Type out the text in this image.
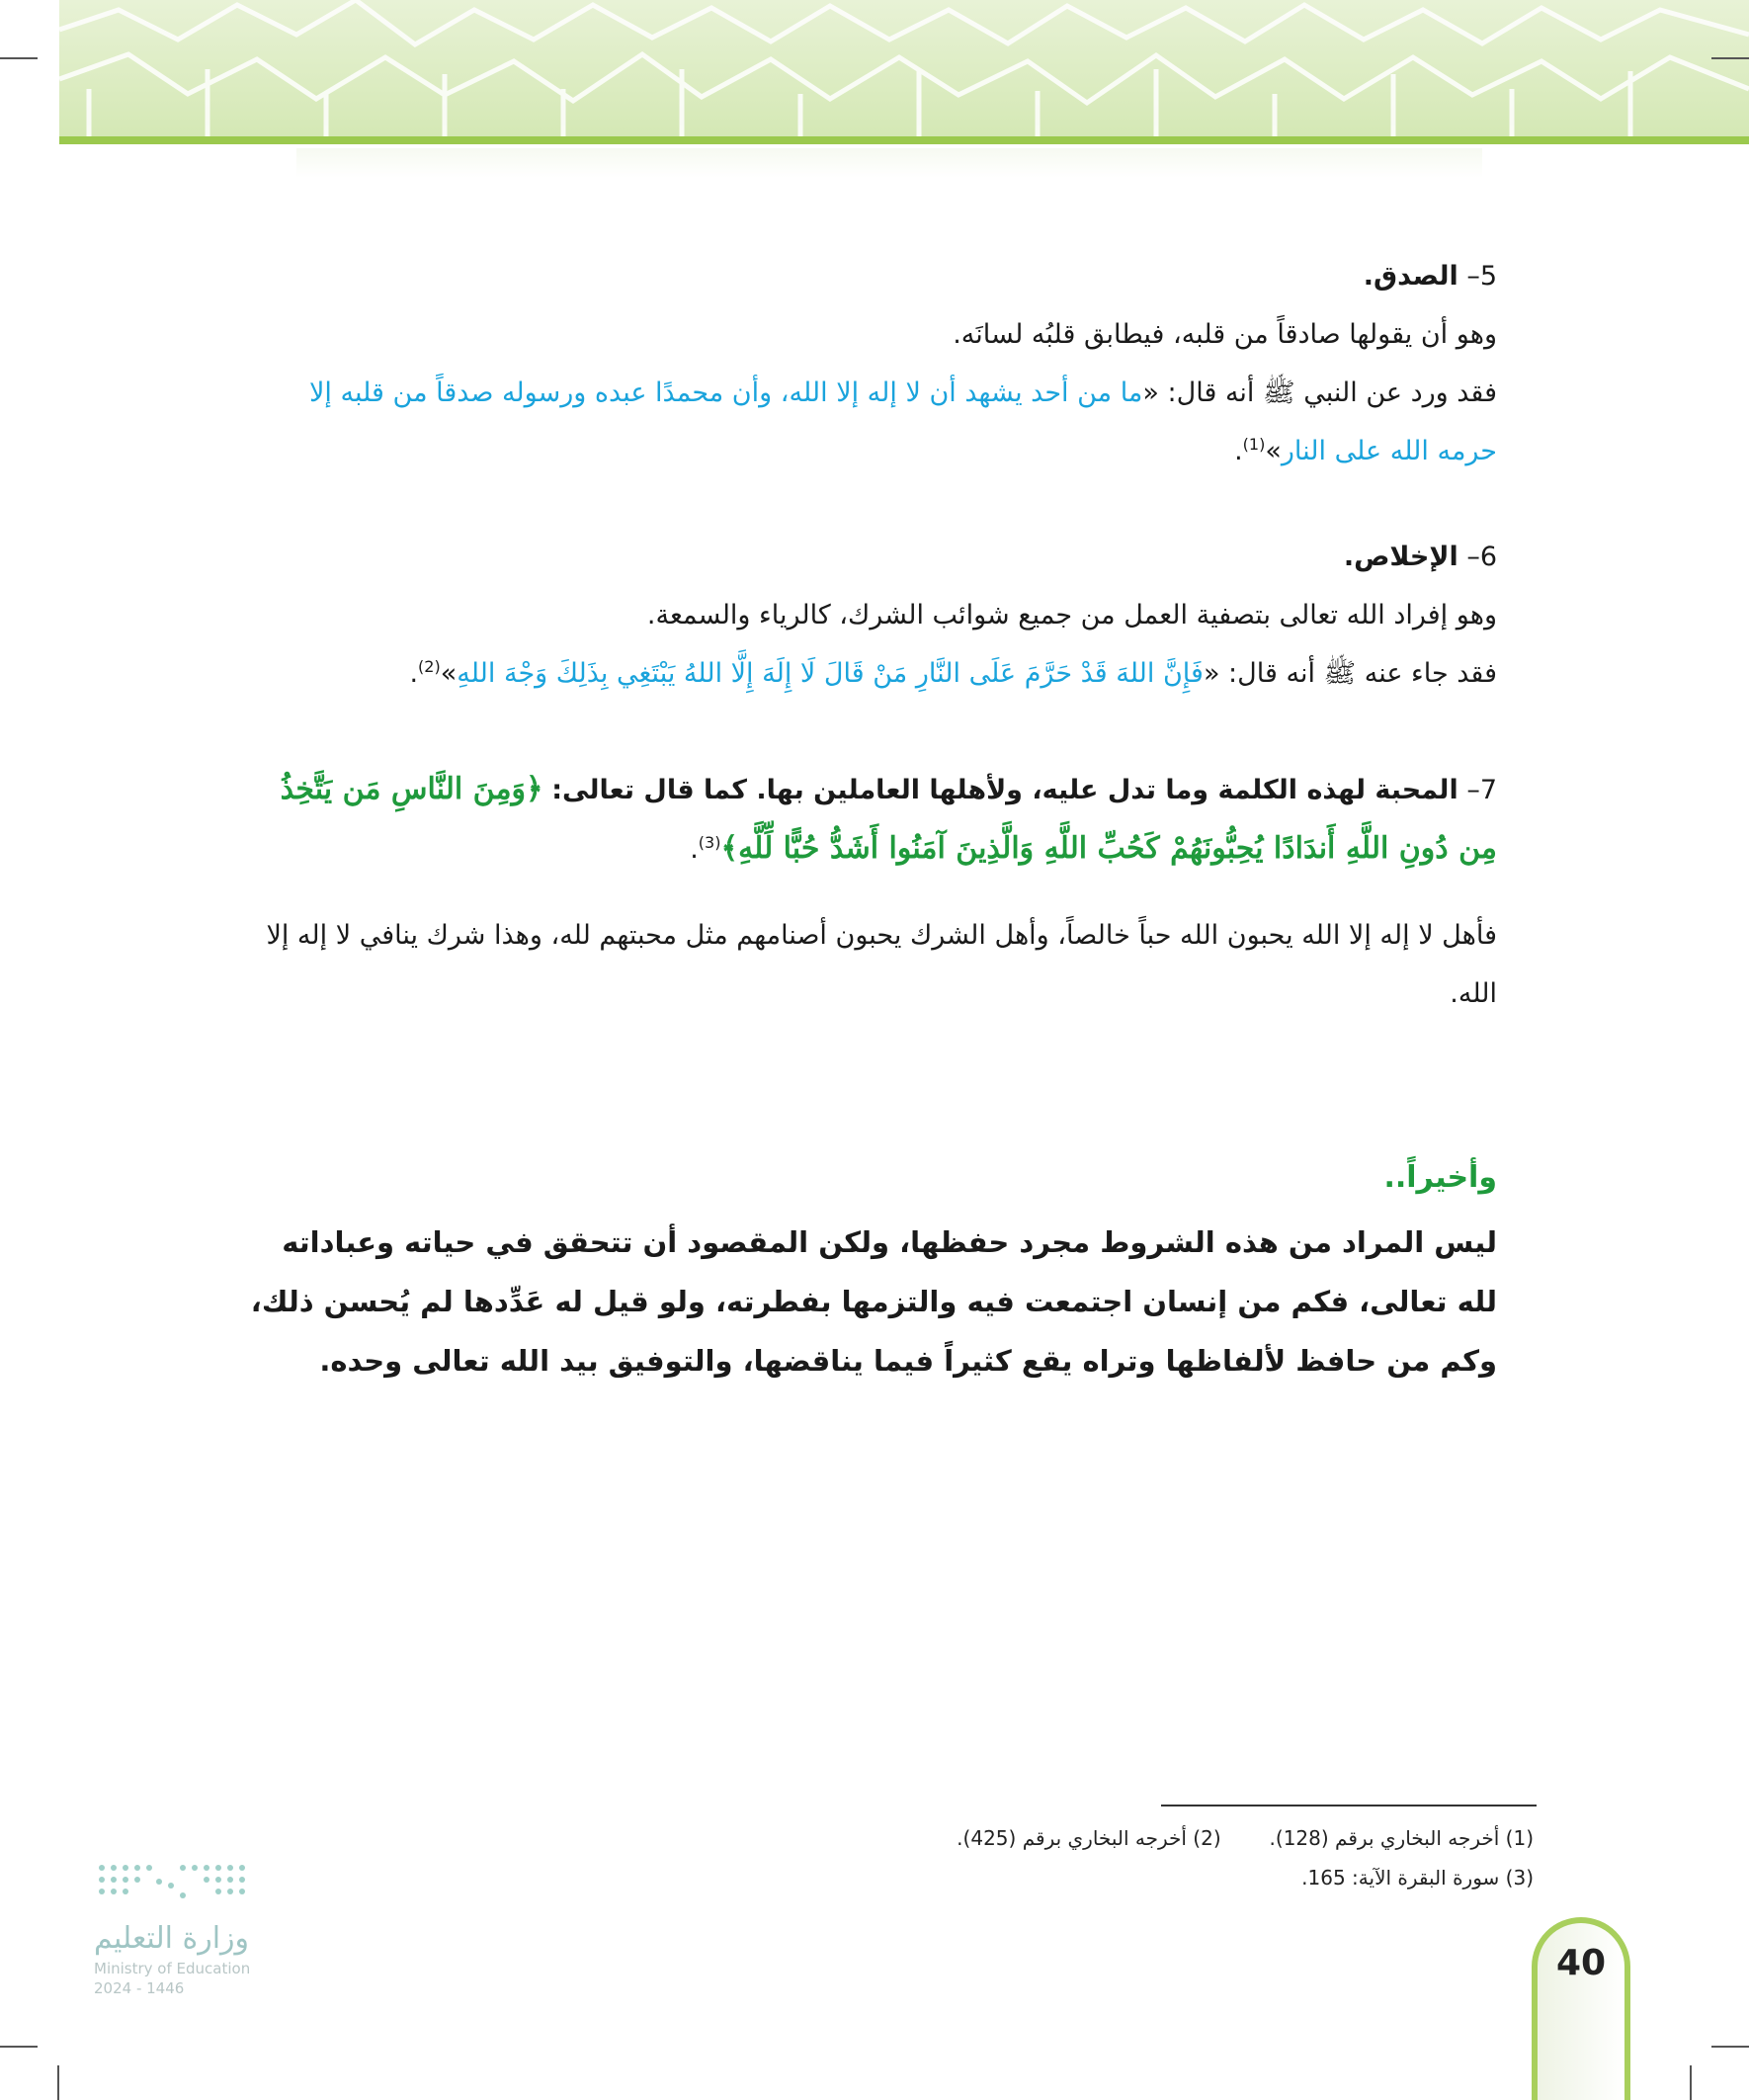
5– الصدق.

وهو أن يقولها صادقاً من قلبه، فيطابق قلبُه لسانَه.

فقد ورد عن النبي ﷺ أنه قال: «ما من أحد يشهد أن لا إله إلا الله، وأن محمدًا عبده ورسوله صدقاً من قلبه إلا حرمه الله على النار»$^{(1)}$.

6– الإخلاص.

وهو إفراد الله تعالى بتصفية العمل من جميع شوائب الشرك، كالرياء والسمعة.

فقد جاء عنه ﷺ أنه قال: «فَإِنَّ اللهَ قَدْ حَرَّمَ عَلَى النَّارِ مَنْ قَالَ لَا إِلَهَ إِلَّا اللهُ يَبْتَغِي بِذَلِكَ وَجْهَ اللهِ»$^{(2)}$.

7– المحبة لهذه الكلمة وما تدل عليه، ولأهلها العاملين بها. كما قال تعالى: ﴿وَمِنَ النَّاسِ مَن يَتَّخِذُ مِن دُونِ اللَّهِ أَندَادًا يُحِبُّونَهُمْ كَحُبِّ اللَّهِ وَالَّذِينَ آمَنُوا أَشَدُّ حُبًّا لِّلَّهِ﴾$^{(3)}$.

فأهل لا إله إلا الله يحبون الله حباً خالصاً، وأهل الشرك يحبون أصنامهم مثل محبتهم لله، وهذا شرك ينافي لا إله إلا الله.

وأخيراً..

ليس المراد من هذه الشروط مجرد حفظها، ولكن المقصود أن تتحقق في حياته وعباداته لله تعالى، فكم من إنسان اجتمعت فيه والتزمها بفطرته، ولو قيل له عَدِّدها لم يُحسن ذلك، وكم من حافظ لألفاظها وتراه يقع كثيراً فيما يناقضها، والتوفيق بيد الله تعالى وحده.

(1) أخرجه البخاري برقم (128). (2) أخرجه البخاري برقم (425).
(3) سورة البقرة الآية: 165.
وزارة التعليم
Ministry of Education
2024 - 1446
40
